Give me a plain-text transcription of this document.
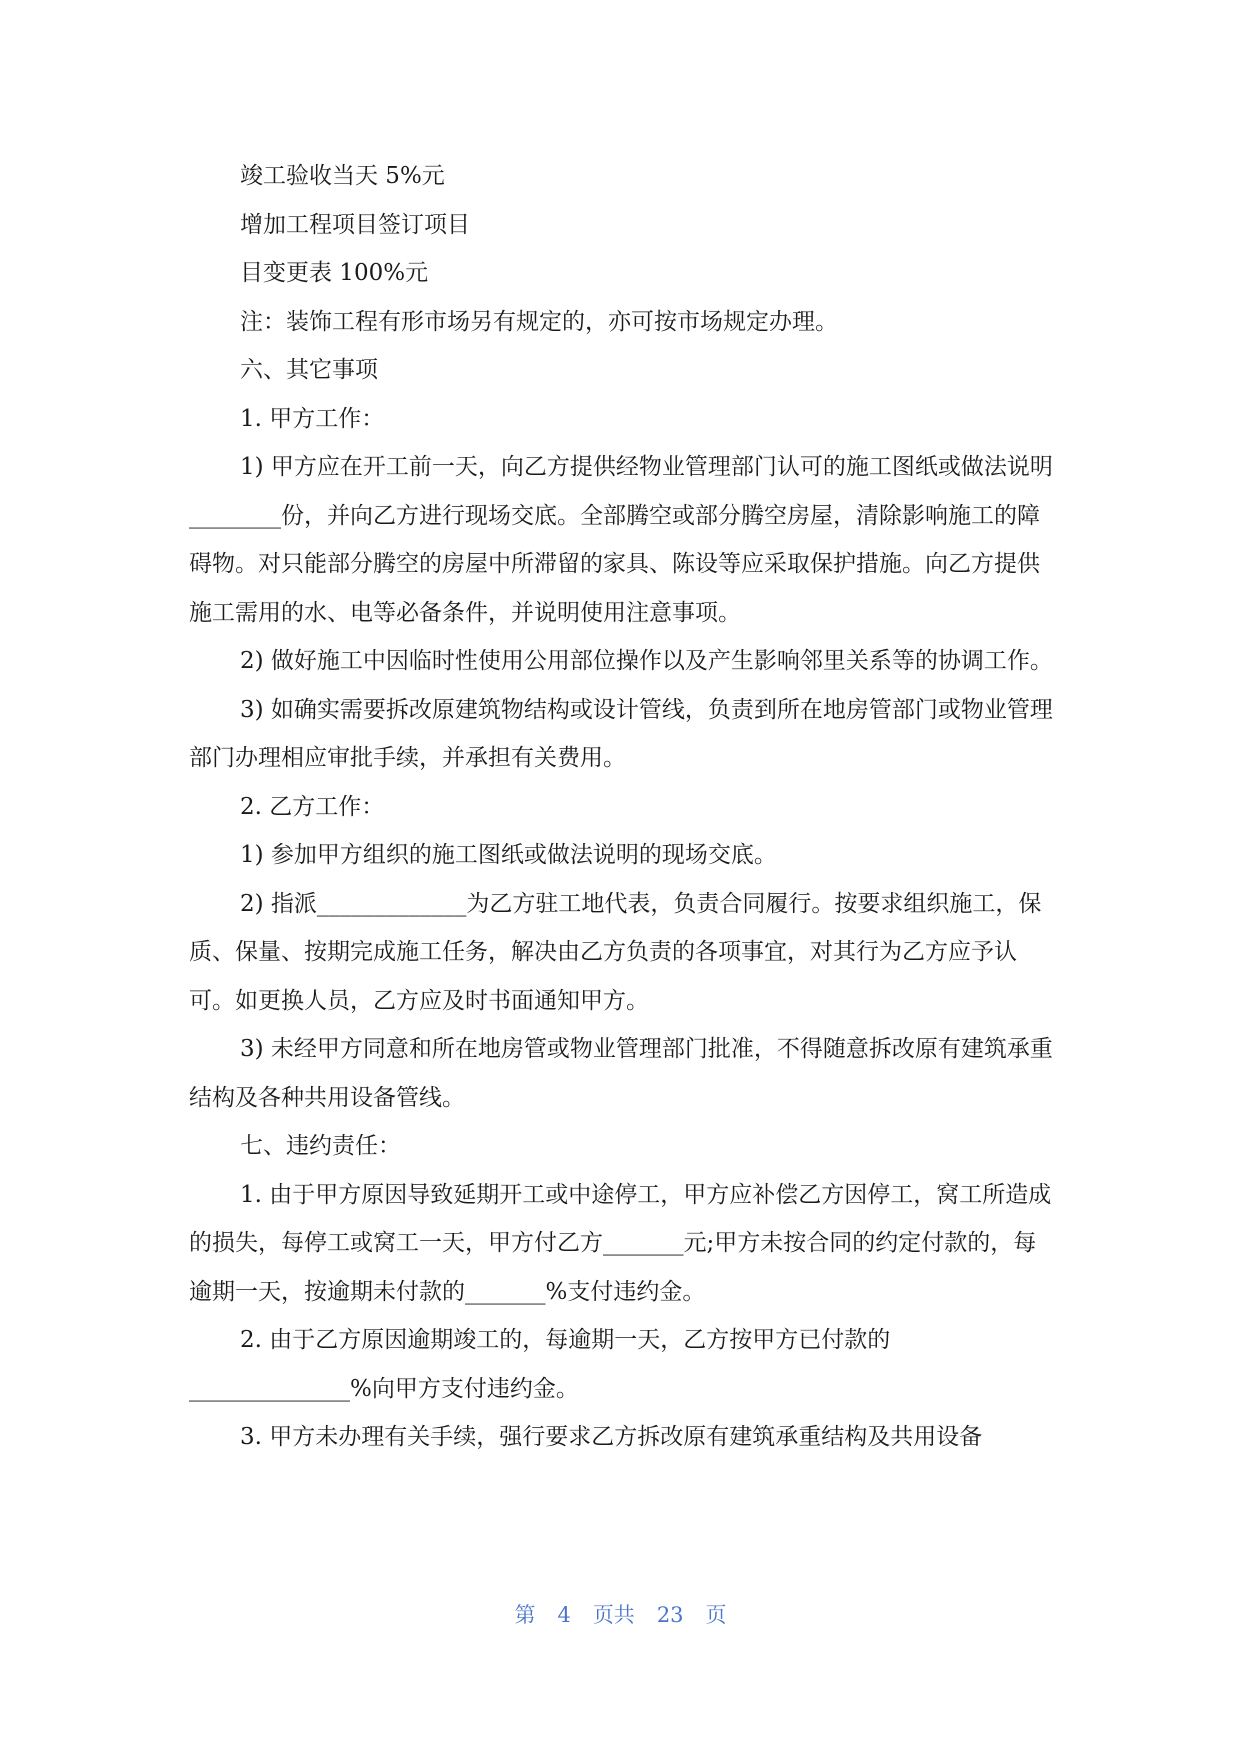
竣工验收当天 5%元

增加工程项目签订项目

目变更表 100%元

注：装饰工程有形市场另有规定的，亦可按市场规定办理。

六、其它事项

1. 甲方工作：

1) 甲方应在开工前一天，向乙方提供经物业管理部门认可的施工图纸或做法说明________份，并向乙方进行现场交底。全部腾空或部分腾空房屋，清除影响施工的障碍物。对只能部分腾空的房屋中所滞留的家具、陈设等应采取保护措施。向乙方提供施工需用的水、电等必备条件，并说明使用注意事项。

2) 做好施工中因临时性使用公用部位操作以及产生影响邻里关系等的协调工作。

3) 如确实需要拆改原建筑物结构或设计管线，负责到所在地房管部门或物业管理部门办理相应审批手续，并承担有关费用。

2. 乙方工作：

1) 参加甲方组织的施工图纸或做法说明的现场交底。

2) 指派_____________为乙方驻工地代表，负责合同履行。按要求组织施工，保质、保量、按期完成施工任务，解决由乙方负责的各项事宜，对其行为乙方应予认可。如更换人员，乙方应及时书面通知甲方。

3) 未经甲方同意和所在地房管或物业管理部门批准，不得随意拆改原有建筑承重结构及各种共用设备管线。

七、违约责任：

1. 由于甲方原因导致延期开工或中途停工，甲方应补偿乙方因停工，窝工所造成的损失，每停工或窝工一天，甲方付乙方_______元;甲方未按合同的约定付款的，每逾期一天，按逾期未付款的_______%支付违约金。

2. 由于乙方原因逾期竣工的，每逾期一天，乙方按甲方已付款的

______________%向甲方支付违约金。

3. 甲方未办理有关手续，强行要求乙方拆改原有建筑承重结构及共用设备

第 4 页共 23 页
